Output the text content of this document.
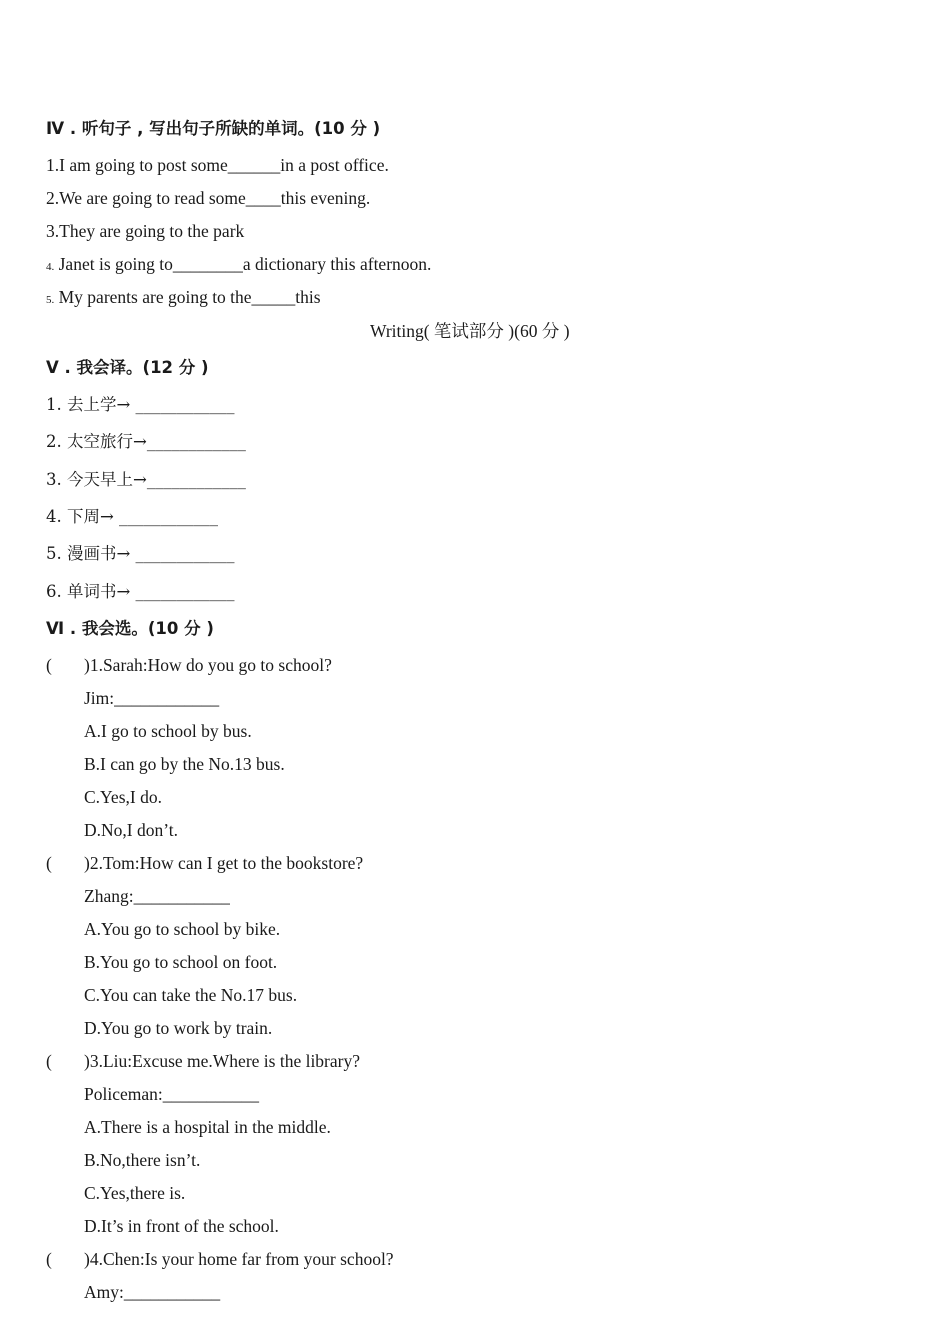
Ⅳ . 听句子 , 写出句子所缺的单词。(10 分 )
1.I am going to post some______in a post office.
2.We are going to read some____this evening.
3.They are going to the park
4. Janet is going to________a dictionary this afternoon.
5. My parents are going to the_____this
Writing( 笔试部分 )(60 分 )
Ⅴ . 我会译。(12 分 )
1. 去上学→ ____________
2. 太空旅行→____________
3. 今天早上→____________
4. 下周→ ____________
5. 漫画书→ ____________
6. 单词书→ ____________
Ⅵ . 我会选。(10 分 )
( )1.Sarah:How do you go to school?
Jim:____________
A.I go to school by bus.
B.I can go by the No.13 bus.
C.Yes,I do.
D.No,I don’t.
( )2.Tom:How can I get to the bookstore?
Zhang:___________
A.You go to school by bike.
B.You go to school on foot.
C.You can take the No.17 bus.
D.You go to work by train.
( )3.Liu:Excuse me.Where is the library?
Policeman:___________
A.There is a hospital in the middle.
B.No,there isn’t.
C.Yes,there is.
D.It’s in front of the school.
( )4.Chen:Is your home far from your school?
Amy:___________
